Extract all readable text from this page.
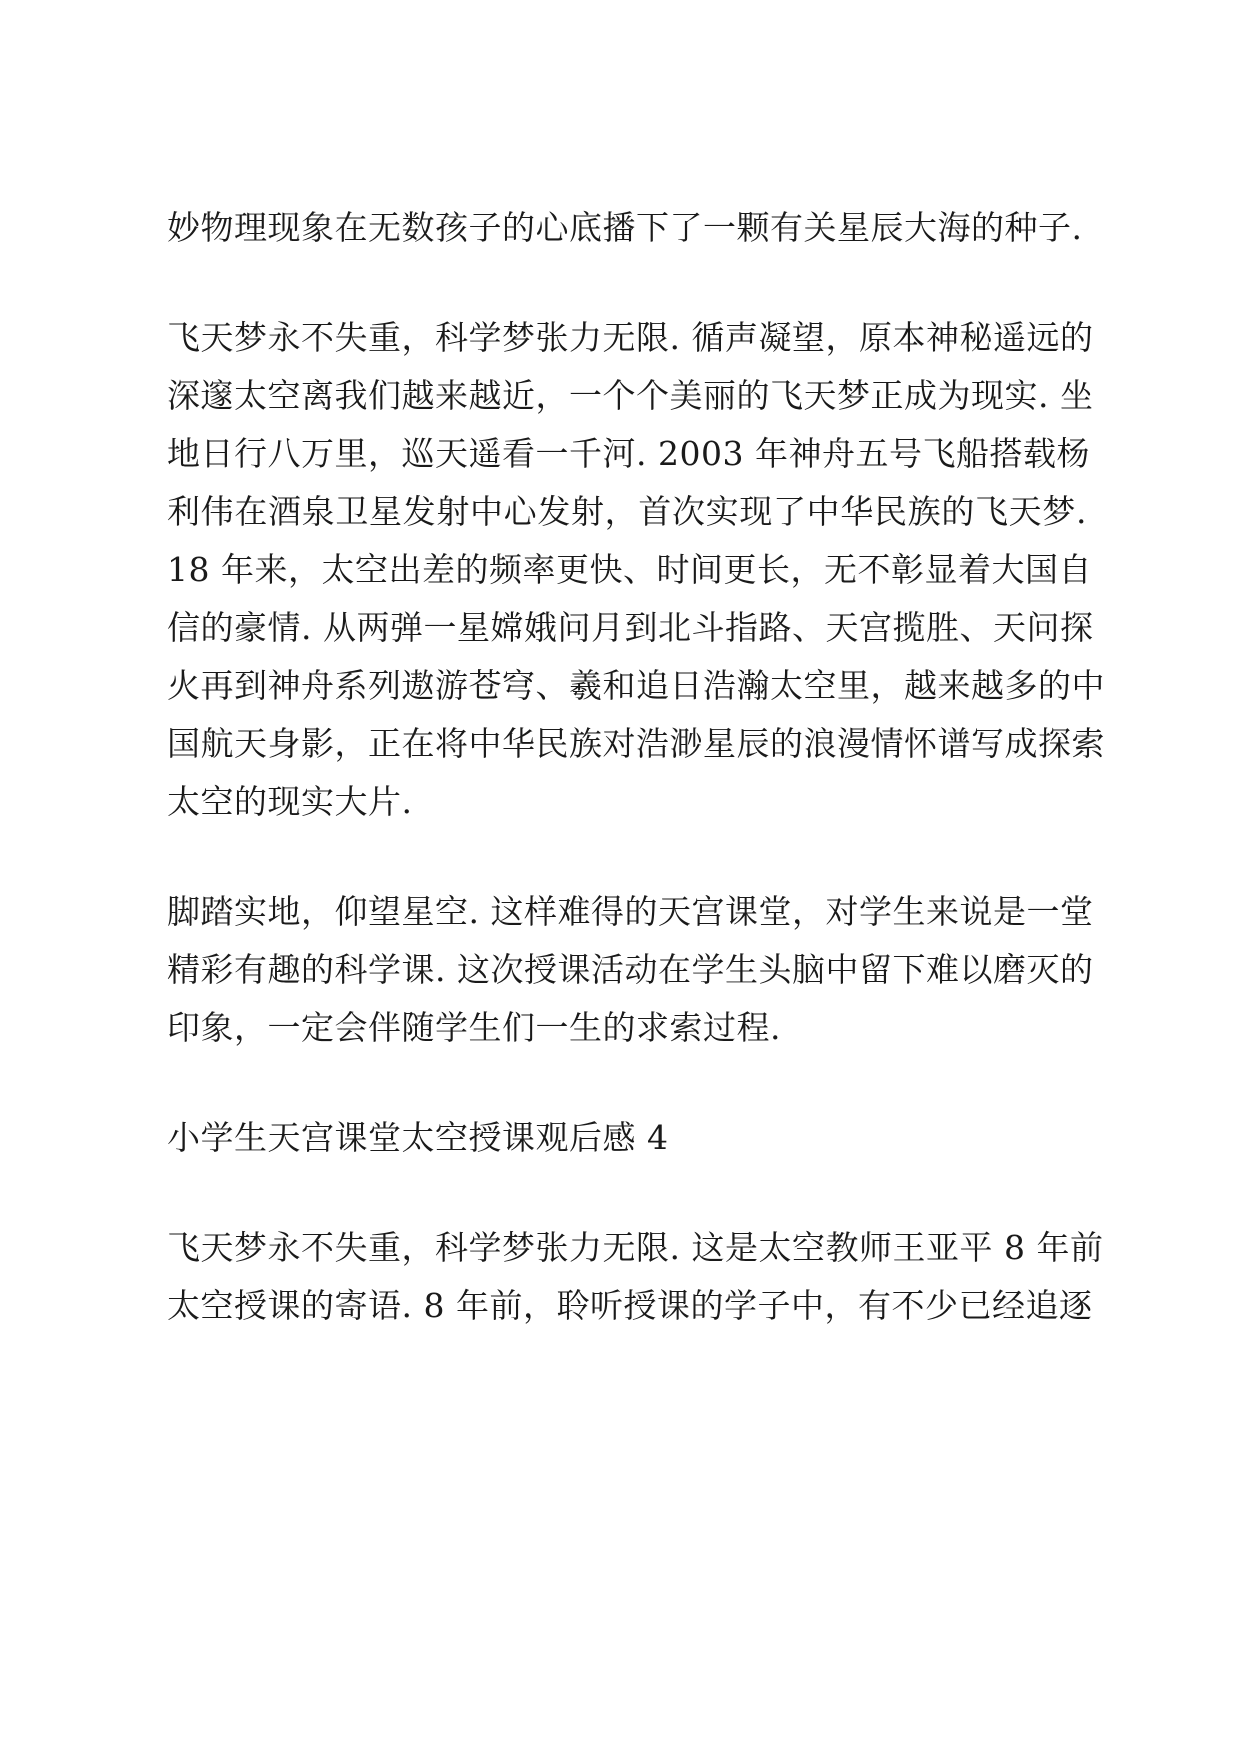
妙物理现象在无数孩子的心底播下了一颗有关星辰大海的种子.

飞天梦永不失重，科学梦张力无限. 循声凝望，原本神秘遥远的

深邃太空离我们越来越近，一个个美丽的飞天梦正成为现实. 坐

地日行八万里，巡天遥看一千河. 2003 年神舟五号飞船搭载杨

利伟在酒泉卫星发射中心发射，首次实现了中华民族的飞天梦.

18 年来，太空出差的频率更快、时间更长，无不彰显着大国自

信的豪情. 从两弹一星嫦娥问月到北斗指路、天宫揽胜、天问探

火再到神舟系列遨游苍穹、羲和追日浩瀚太空里，越来越多的中

国航天身影，正在将中华民族对浩渺星辰的浪漫情怀谱写成探索

太空的现实大片.

脚踏实地，仰望星空. 这样难得的天宫课堂，对学生来说是一堂

精彩有趣的科学课. 这次授课活动在学生头脑中留下难以磨灭的

印象，一定会伴随学生们一生的求索过程.

小学生天宫课堂太空授课观后感 4

飞天梦永不失重，科学梦张力无限. 这是太空教师王亚平 8 年前

太空授课的寄语. 8 年前，聆听授课的学子中，有不少已经追逐
